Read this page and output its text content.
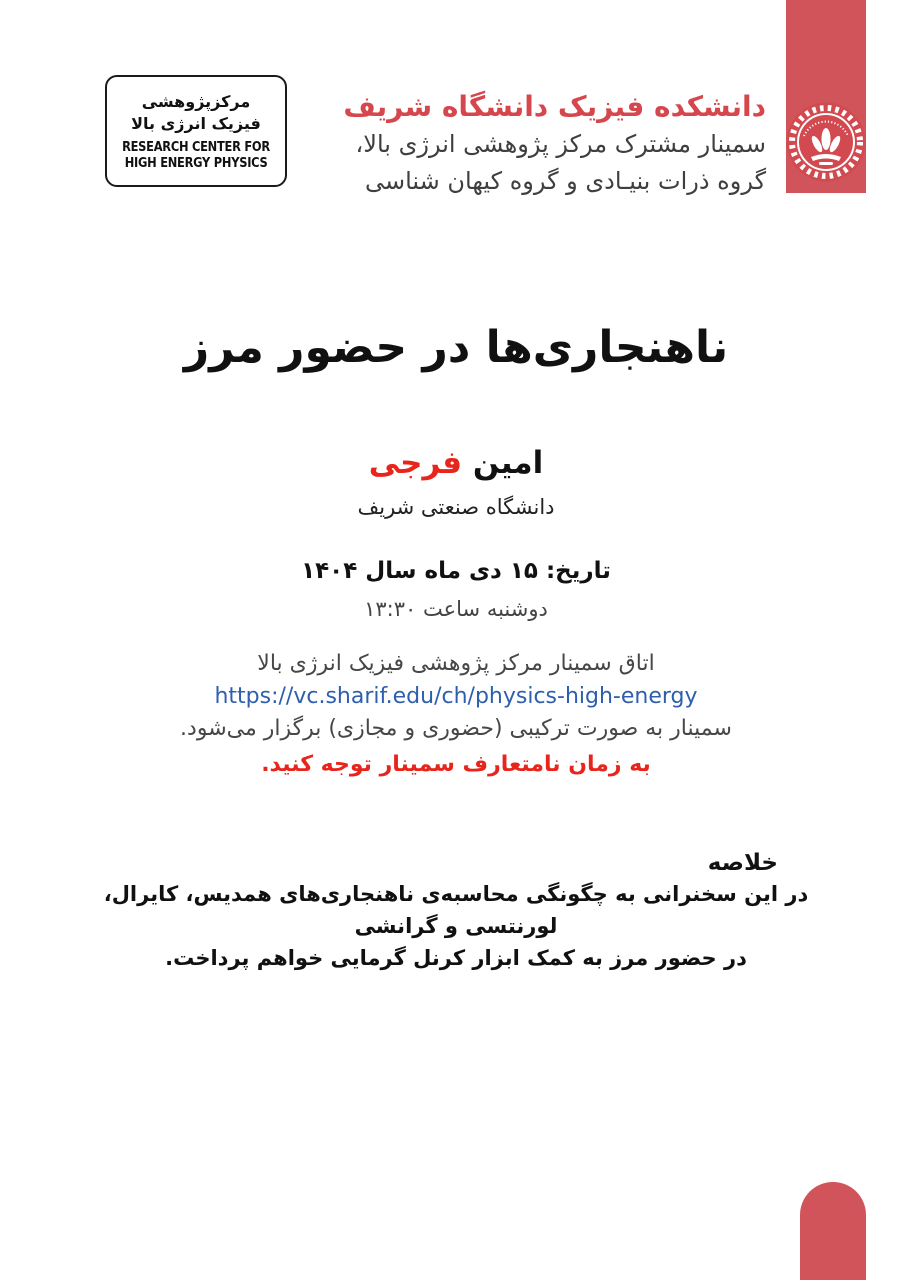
مرکزپژوهشی
فیزیک انرژی بالا
RESEARCH CENTER FOR
HIGH ENERGY PHYSICS
دانشکده فیزیک دانشگاه شریف
سمینار مشترک مرکز پژوهشی انرژی بالا،
گروه ذرات بنیـادی و گروه کیهان شناسی
ناهنجاری‌ها در حضور مرز
امین فرجی
دانشگاه صنعتی شریف
تاریخ: ۱۵ دی ماه سال ۱۴۰۴
دوشنبه ساعت ۱۳:۳۰
اتاق سمینار مرکز پژوهشی فیزیک انرژی بالا
https://vc.sharif.edu/ch/physics-high-energy
سمینار به صورت ترکیبی (حضوری و مجازی) برگزار می‌شود.
به زمان نامتعارف سمینار توجه کنید.
خلاصه
در این سخنرانی به چگونگی محاسبه‌ی ناهنجاری‌های همدیس، کایرال، لورنتسی و گرانشی
در حضور مرز به کمک ابزار کرنل گرمایی خواهم پرداخت.
